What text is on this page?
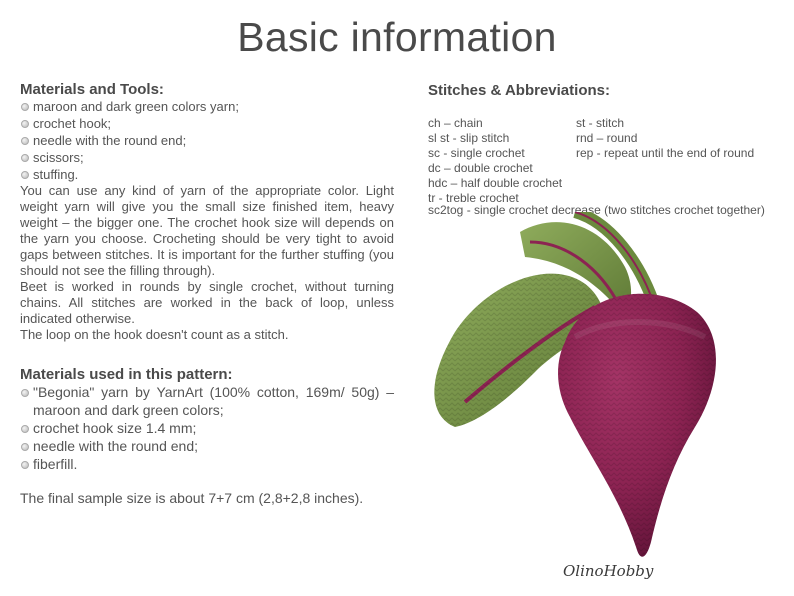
Basic information
Materials and Tools:
maroon and dark green colors yarn;
crochet hook;
needle with the round end;
scissors;
stuffing.

You can use any kind of yarn of the appropriate color. Light weight yarn will give you the small size finished item, heavy weight – the bigger one. The crochet hook size will depends on the yarn you choose. Crocheting should be very tight to avoid gaps between stitches. It is important for the further stuffing (you should not see the filling through).

Beet is worked in rounds by single crochet, without turning chains. All stitches are worked in the back of loop, unless indicated otherwise.

The loop on the hook doesn't count as a stitch.

Materials used in this pattern:
"Begonia" yarn by YarnArt (100% cotton, 169m/ 50g) – maroon and dark green colors;
crochet hook size 1.4 mm;
needle with the round end;
fiberfill.

The final sample size is about 7+7 cm (2,8+2,8 inches).

Stitches & Abbreviations:
ch – chain
sl st - slip stitch
sc - single crochet
dc – double crochet
hdc – half double crochet
tr - treble crochet
st - stitch
rnd – round
rep - repeat until the end of round
sc2tog - single crochet decrease (two stitches crochet together)
OlinoHobby
